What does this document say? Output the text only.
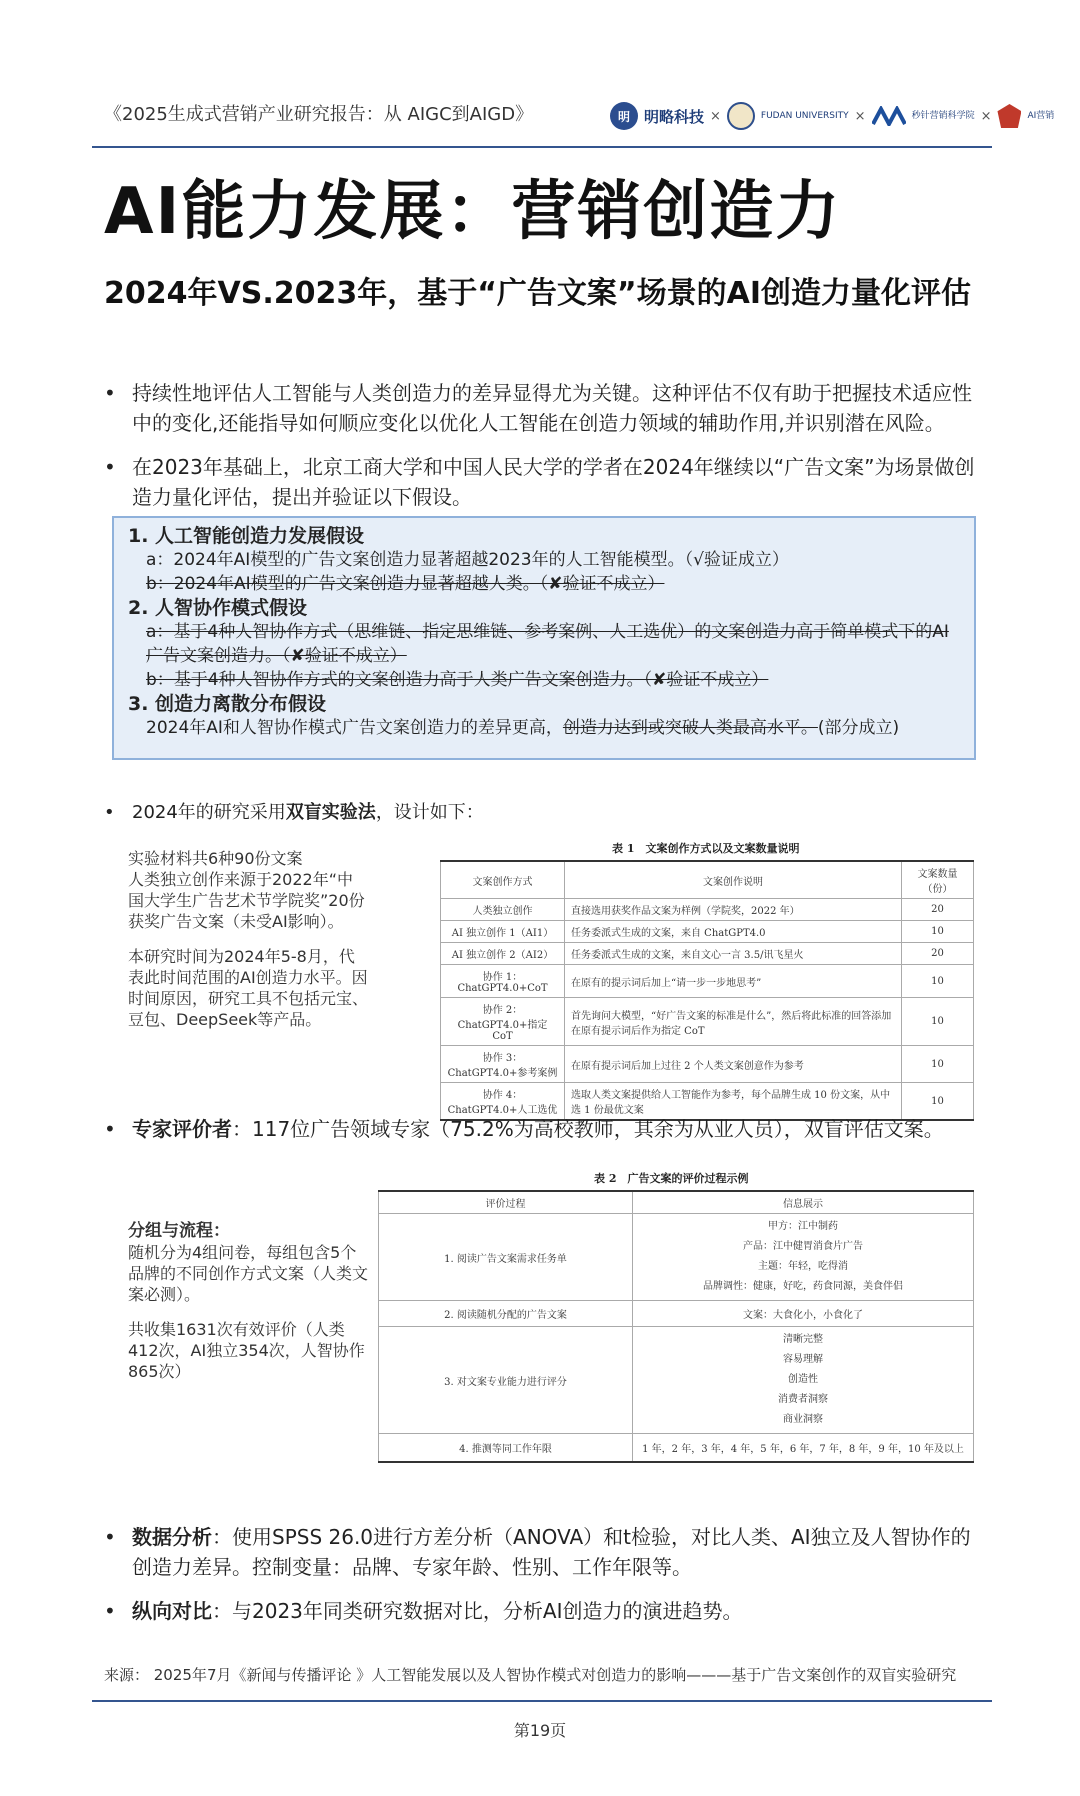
《2025生成式营销产业研究报告：从 AIGC到AIGD》	明 明略科技 ×	FUDAN UNIVERSITY ×	秒针营销科学院 ×	AI营销
AI能力发展：营销创造力
2024年VS.2023年，基于“广告文案”场景的AI创造力量化评估
• 持续性地评估人工智能与人类创造力的差异显得尤为关键。这种评估不仅有助于把握技术适应性中的变化,还能指导如何顺应变化以优化人工智能在创造力领域的辅助作用,并识别潜在风险。
• 在2023年基础上，北京工商大学和中国人民大学的学者在2024年继续以“广告文案”为场景做创造力量化评估，提出并验证以下假设。
1. 人工智能创造力发展假设
a：2024年AI模型的广告文案创造力显著超越2023年的人工智能模型。（√验证成立）
b：2024年AI模型的广告文案创造力显著超越人类。（✘验证不成立）
2. 人智协作模式假设
a：基于4种人智协作方式（思维链、指定思维链、参考案例、人工选优）的文案创造力高于简单模式下的AI广告文案创造力。（✘验证不成立）
b：基于4种人智协作方式的文案创造力高于人类广告文案创造力。（✘验证不成立）
3. 创造力离散分布假设
2024年AI和人智协作模式广告文案创造力的差异更高，创造力达到或突破人类最高水平。(部分成立)
• 2024年的研究采用双盲实验法，设计如下：
实验材料共6种90份文案
人类独立创作来源于2022年“中国大学生广告艺术节学院奖”20份获奖广告文案（未受AI影响）。
本研究时间为2024年5-8月，代表此时间范围的AI创造力水平。因时间原因，研究工具不包括元宝、豆包、DeepSeek等产品。
表 1　文案创作方式以及文案数量说明
文案创作方式	文案创作说明	文案数量（份）
人类独立创作	直接选用获奖作品文案为样例（学院奖，2022 年）	20
AI 独立创作 1（AI1）	任务委派式生成的文案，来自 ChatGPT4.0	10
AI 独立创作 2（AI2）	任务委派式生成的文案，来自文心一言 3.5/讯飞星火	20
协作 1：ChatGPT4.0+CoT	在原有的提示词后加上“请一步一步地思考”	10
协作 2：ChatGPT4.0+指定 CoT	首先询问大模型，“好广告文案的标准是什么”，然后将此标准的回答添加在原有提示词后作为指定 CoT	10
协作 3：ChatGPT4.0+参考案例	在原有提示词后加上过往 2 个人类文案创意作为参考	10
协作 4：ChatGPT4.0+人工选优	选取人类文案提供给人工智能作为参考，每个品牌生成 10 份文案，从中选 1 份最优文案	10
• 专家评价者：117位广告领域专家（75.2%为高校教师，其余为从业人员），双盲评估文案。
分组与流程：
随机分为4组问卷，每组包含5个品牌的不同创作方式文案（人类文案必测）。
共收集1631次有效评价（人类412次，AI独立354次，人智协作865次）
表 2　广告文案的评价过程示例
评价过程	信息展示
1. 阅读广告文案需求任务单	甲方：江中制药
产品：江中健胃消食片广告
主题：年轻，吃得消
品牌调性：健康，好吃，药食同源，美食伴侣

2. 阅读随机分配的广告文案	文案：大食化小，小食化了
3. 对文案专业能力进行评分	清晰完整
容易理解
创造性
消费者洞察
商业洞察

4. 推测等同工作年限	1 年，2 年，3 年，4 年，5 年，6 年，7 年，8 年，9 年，10 年及以上
• 数据分析：使用SPSS 26.0进行方差分析（ANOVA）和t检验，对比人类、AI独立及人智协作的创造力差异。控制变量：品牌、专家年龄、性别、工作年限等。
• 纵向对比：与2023年同类研究数据对比，分析AI创造力的演进趋势。
来源： 2025年7月《新闻与传播评论 》人工智能发展以及人智协作模式对创造力的影响———基于广告文案创作的双盲实验研究
第19页
